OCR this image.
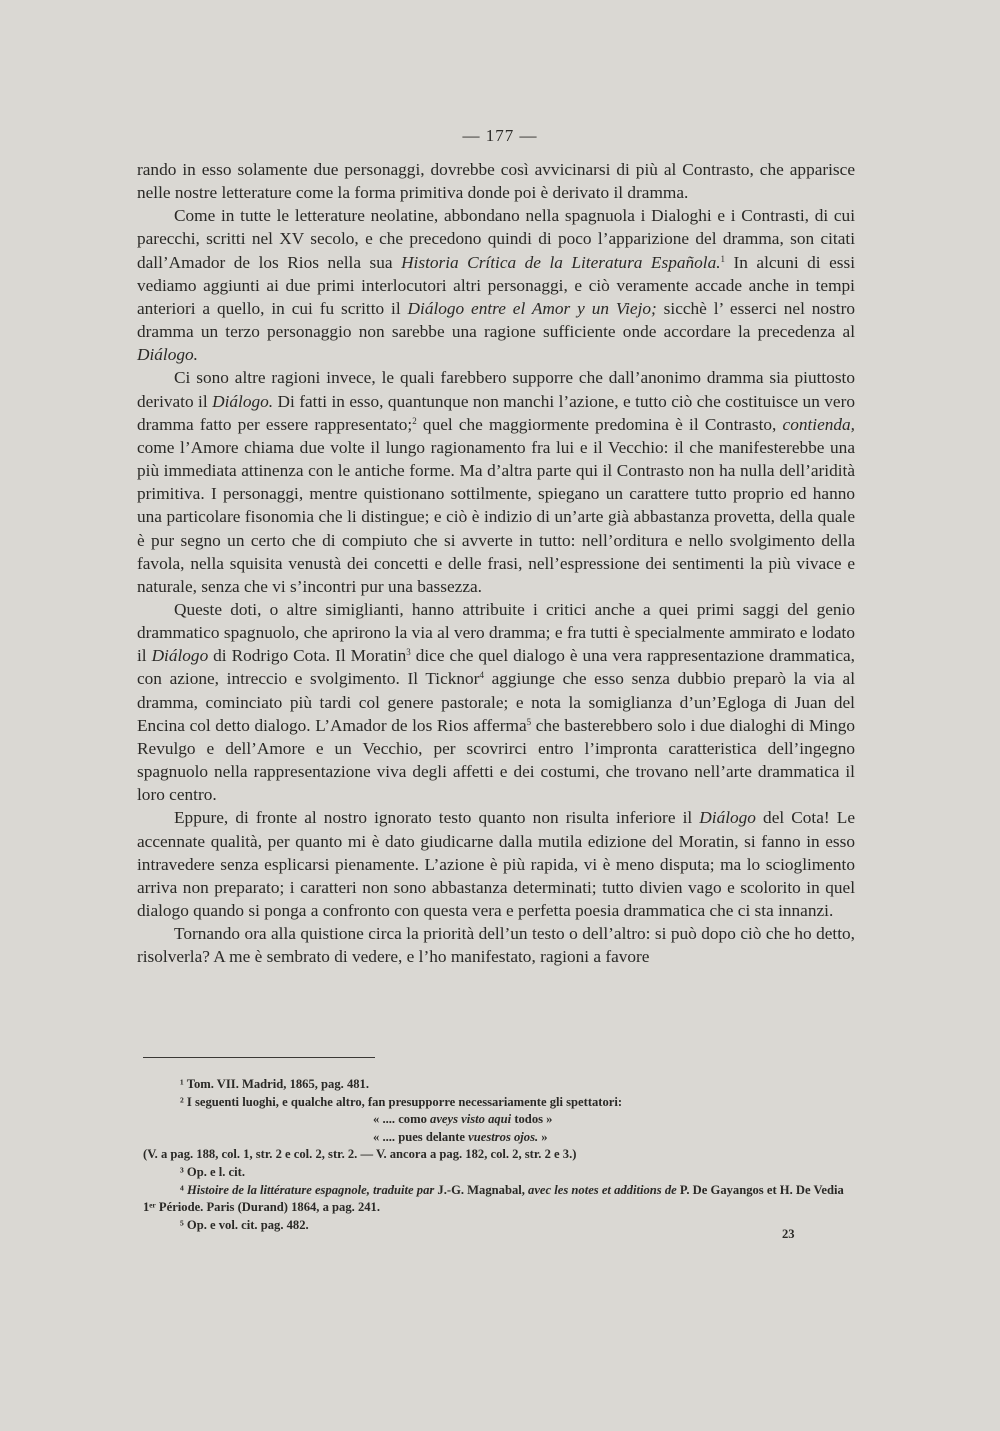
— 177 —

rando in esso solamente due personaggi, dovrebbe così avvicinarsi di più al Contrasto, che apparisce nelle nostre letterature come la forma primitiva donde poi è derivato il dramma.

Come in tutte le letterature neolatine, abbondano nella spagnuola i Dialoghi e i Contrasti, di cui parecchi, scritti nel XV secolo, e che precedono quindi di poco l’apparizione del dramma, son citati dall’Amador de los Rios nella sua Historia Crítica de la Literatura Española.$^1$ In alcuni di essi vediamo aggiunti ai due primi interlocutori altri personaggi, e ciò veramente accade anche in tempi anteriori a quello, in cui fu scritto il Diálogo entre el Amor y un Viejo; sicchè l’ esserci nel nostro dramma un terzo personaggio non sarebbe una ragione sufficiente onde accordare la precedenza al Diálogo.

Ci sono altre ragioni invece, le quali farebbero supporre che dall’anonimo dramma sia piuttosto derivato il Diálogo. Di fatti in esso, quantunque non manchi l’azione, e tutto ciò che costituisce un vero dramma fatto per essere rappresentato;$^2$ quel che maggiormente predomina è il Contrasto, contienda, come l’Amore chiama due volte il lungo ragionamento fra lui e il Vecchio: il che manifesterebbe una più immediata attinenza con le antiche forme. Ma d’altra parte qui il Contrasto non ha nulla dell’aridità primitiva. I personaggi, mentre quistionano sottilmente, spiegano un carattere tutto proprio ed hanno una particolare fisonomia che li distingue; e ciò è indizio di un’arte già abbastanza provetta, della quale è pur segno un certo che di compiuto che si avverte in tutto: nell’orditura e nello svolgimento della favola, nella squisita venustà dei concetti e delle frasi, nell’espressione dei sentimenti la più vivace e naturale, senza che vi s’incontri pur una bassezza.

Queste doti, o altre simiglianti, hanno attribuite i critici anche a quei primi saggi del genio drammatico spagnuolo, che aprirono la via al vero dramma; e fra tutti è specialmente ammirato e lodato il Diálogo di Rodrigo Cota. Il Moratin$^3$ dice che quel dialogo è una vera rappresentazione drammatica, con azione, intreccio e svolgimento. Il Ticknor$^4$ aggiunge che esso senza dubbio preparò la via al dramma, cominciato più tardi col genere pastorale; e nota la somiglianza d’un’Egloga di Juan del Encina col detto dialogo. L’Amador de los Rios afferma$^5$ che basterebbero solo i due dialoghi di Mingo Revulgo e dell’Amore e un Vecchio, per scovrirci entro l’impronta caratteristica dell’ingegno spagnuolo nella rappresentazione viva degli affetti e dei costumi, che trovano nell’arte drammatica il loro centro.

Eppure, di fronte al nostro ignorato testo quanto non risulta inferiore il Diálogo del Cota! Le accennate qualità, per quanto mi è dato giudicarne dalla mutila edizione del Moratin, si fanno in esso intravedere senza esplicarsi pienamente. L’azione è più rapida, vi è meno disputa; ma lo scioglimento arriva non preparato; i caratteri non sono abbastanza determinati; tutto divien vago e scolorito in quel dialogo quando si ponga a confronto con questa vera e perfetta poesia drammatica che ci sta innanzi.

Tornando ora alla quistione circa la priorità dell’un testo o dell’altro: si può dopo ciò che ho detto, risolverla? A me è sembrato di vedere, e l’ho manifestato, ragioni a favore

¹ Tom. VII. Madrid, 1865, pag. 481.

² I seguenti luoghi, e qualche altro, fan presupporre necessariamente gli spettatori:

« .... como aveys visto aqui todos »

« .... pues delante vuestros ojos. »

(V. a pag. 188, col. 1, str. 2 e col. 2, str. 2. — V. ancora a pag. 182, col. 2, str. 2 e 3.)

³ Op. e l. cit.

⁴ Histoire de la littérature espagnole, traduite par J.-G. Magnabal, avec les notes et additions de P. De Gayangos et H. De Vedia 1ᵉʳ Période. Paris (Durand) 1864, a pag. 241.

⁵ Op. e vol. cit. pag. 482.

23
